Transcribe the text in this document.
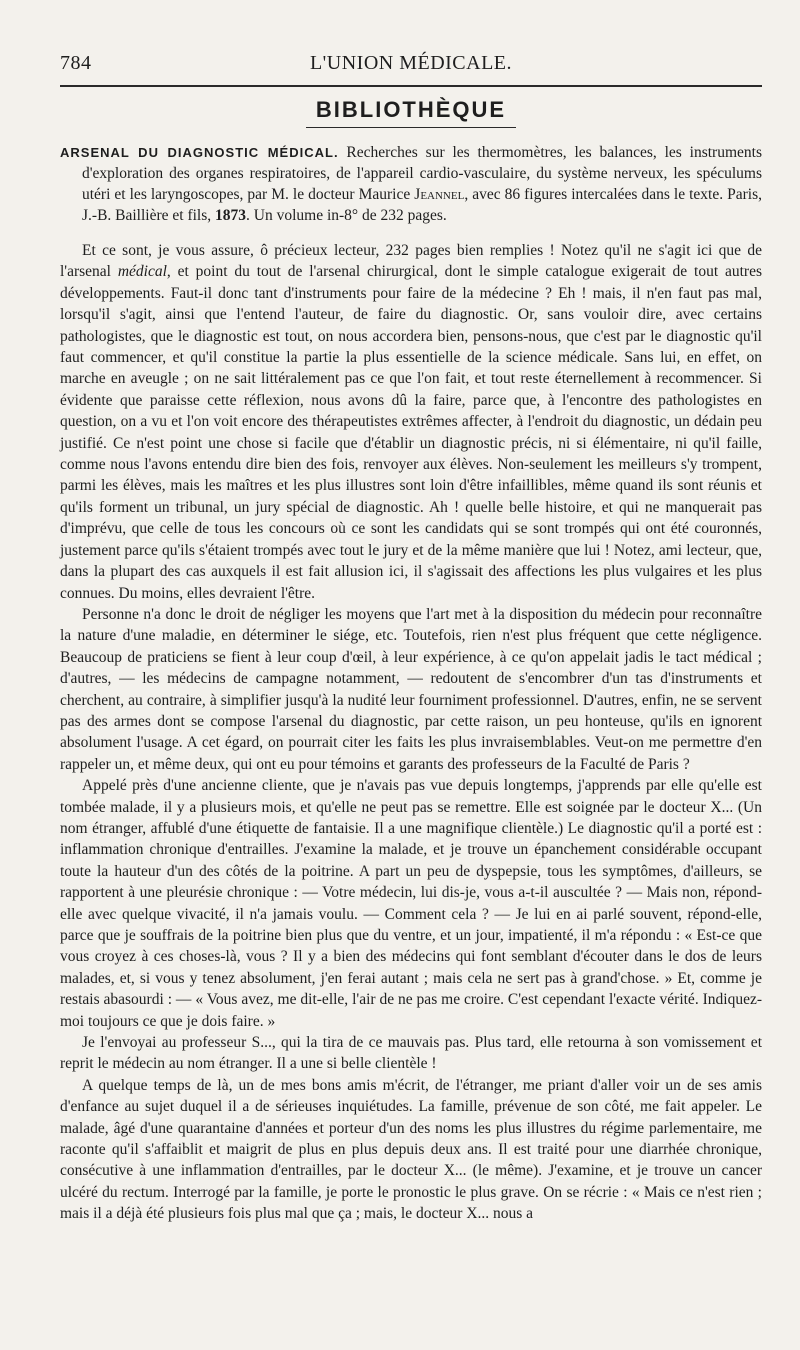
784	L'UNION MÉDICALE.
BIBLIOTHÈQUE

ARSENAL DU DIAGNOSTIC MÉDICAL. Recherches sur les thermomètres, les balances, les instruments d'exploration des organes respiratoires, de l'appareil cardio-vasculaire, du système nerveux, les spéculums utéri et les laryngoscopes, par M. le docteur Maurice Jeannel, avec 86 figures intercalées dans le texte. Paris, J.-B. Baillière et fils, 1873. Un volume in-8° de 232 pages.

Et ce sont, je vous assure, ô précieux lecteur, 232 pages bien remplies ! Notez qu'il ne s'agit ici que de l'arsenal médical, et point du tout de l'arsenal chirurgical, dont le simple catalogue exigerait de tout autres développements. Faut-il donc tant d'instruments pour faire de la médecine ? Eh ! mais, il n'en faut pas mal, lorsqu'il s'agit, ainsi que l'entend l'auteur, de faire du diagnostic. Or, sans vouloir dire, avec certains pathologistes, que le diagnostic est tout, on nous accordera bien, pensons-nous, que c'est par le diagnostic qu'il faut commencer, et qu'il constitue la partie la plus essentielle de la science médicale. Sans lui, en effet, on marche en aveugle ; on ne sait littéralement pas ce que l'on fait, et tout reste éternellement à recommencer. Si évidente que paraisse cette réflexion, nous avons dû la faire, parce que, à l'encontre des pathologistes en question, on a vu et l'on voit encore des thérapeutistes extrêmes affecter, à l'endroit du diagnostic, un dédain peu justifié. Ce n'est point une chose si facile que d'établir un diagnostic précis, ni si élémentaire, ni qu'il faille, comme nous l'avons entendu dire bien des fois, renvoyer aux élèves. Non-seulement les meilleurs s'y trompent, parmi les élèves, mais les maîtres et les plus illustres sont loin d'être infaillibles, même quand ils sont réunis et qu'ils forment un tribunal, un jury spécial de diagnostic. Ah ! quelle belle histoire, et qui ne manquerait pas d'imprévu, que celle de tous les concours où ce sont les candidats qui se sont trompés qui ont été couronnés, justement parce qu'ils s'étaient trompés avec tout le jury et de la même manière que lui ! Notez, ami lecteur, que, dans la plupart des cas auxquels il est fait allusion ici, il s'agissait des affections les plus vulgaires et les plus connues. Du moins, elles devraient l'être.

Personne n'a donc le droit de négliger les moyens que l'art met à la disposition du médecin pour reconnaître la nature d'une maladie, en déterminer le siége, etc. Toutefois, rien n'est plus fréquent que cette négligence. Beaucoup de praticiens se fient à leur coup d'œil, à leur expérience, à ce qu'on appelait jadis le tact médical ; d'autres, — les médecins de campagne notamment, — redoutent de s'encombrer d'un tas d'instruments et cherchent, au contraire, à simplifier jusqu'à la nudité leur fourniment professionnel. D'autres, enfin, ne se servent pas des armes dont se compose l'arsenal du diagnostic, par cette raison, un peu honteuse, qu'ils en ignorent absolument l'usage. A cet égard, on pourrait citer les faits les plus invraisemblables. Veut-on me permettre d'en rappeler un, et même deux, qui ont eu pour témoins et garants des professeurs de la Faculté de Paris ?

Appelé près d'une ancienne cliente, que je n'avais pas vue depuis longtemps, j'apprends par elle qu'elle est tombée malade, il y a plusieurs mois, et qu'elle ne peut pas se remettre. Elle est soignée par le docteur X... (Un nom étranger, affublé d'une étiquette de fantaisie. Il a une magnifique clientèle.) Le diagnostic qu'il a porté est : inflammation chronique d'entrailles. J'examine la malade, et je trouve un épanchement considérable occupant toute la hauteur d'un des côtés de la poitrine. A part un peu de dyspepsie, tous les symptômes, d'ailleurs, se rapportent à une pleurésie chronique : — Votre médecin, lui dis-je, vous a-t-il auscultée ? — Mais non, répond-elle avec quelque vivacité, il n'a jamais voulu. — Comment cela ? — Je lui en ai parlé souvent, répond-elle, parce que je souffrais de la poitrine bien plus que du ventre, et un jour, impatienté, il m'a répondu : « Est-ce que vous croyez à ces choses-là, vous ? Il y a bien des médecins qui font semblant d'écouter dans le dos de leurs malades, et, si vous y tenez absolument, j'en ferai autant ; mais cela ne sert pas à grand'chose. » Et, comme je restais abasourdi : — « Vous avez, me dit-elle, l'air de ne pas me croire. C'est cependant l'exacte vérité. Indiquez-moi toujours ce que je dois faire. »

Je l'envoyai au professeur S..., qui la tira de ce mauvais pas. Plus tard, elle retourna à son vomissement et reprit le médecin au nom étranger. Il a une si belle clientèle !

A quelque temps de là, un de mes bons amis m'écrit, de l'étranger, me priant d'aller voir un de ses amis d'enfance au sujet duquel il a de sérieuses inquiétudes. La famille, prévenue de son côté, me fait appeler. Le malade, âgé d'une quarantaine d'années et porteur d'un des noms les plus illustres du régime parlementaire, me raconte qu'il s'affaiblit et maigrit de plus en plus depuis deux ans. Il est traité pour une diarrhée chronique, consécutive à une inflammation d'entrailles, par le docteur X... (le même). J'examine, et je trouve un cancer ulcéré du rectum. Interrogé par la famille, je porte le pronostic le plus grave. On se récrie : « Mais ce n'est rien ; mais il a déjà été plusieurs fois plus mal que ça ; mais, le docteur X... nous a
